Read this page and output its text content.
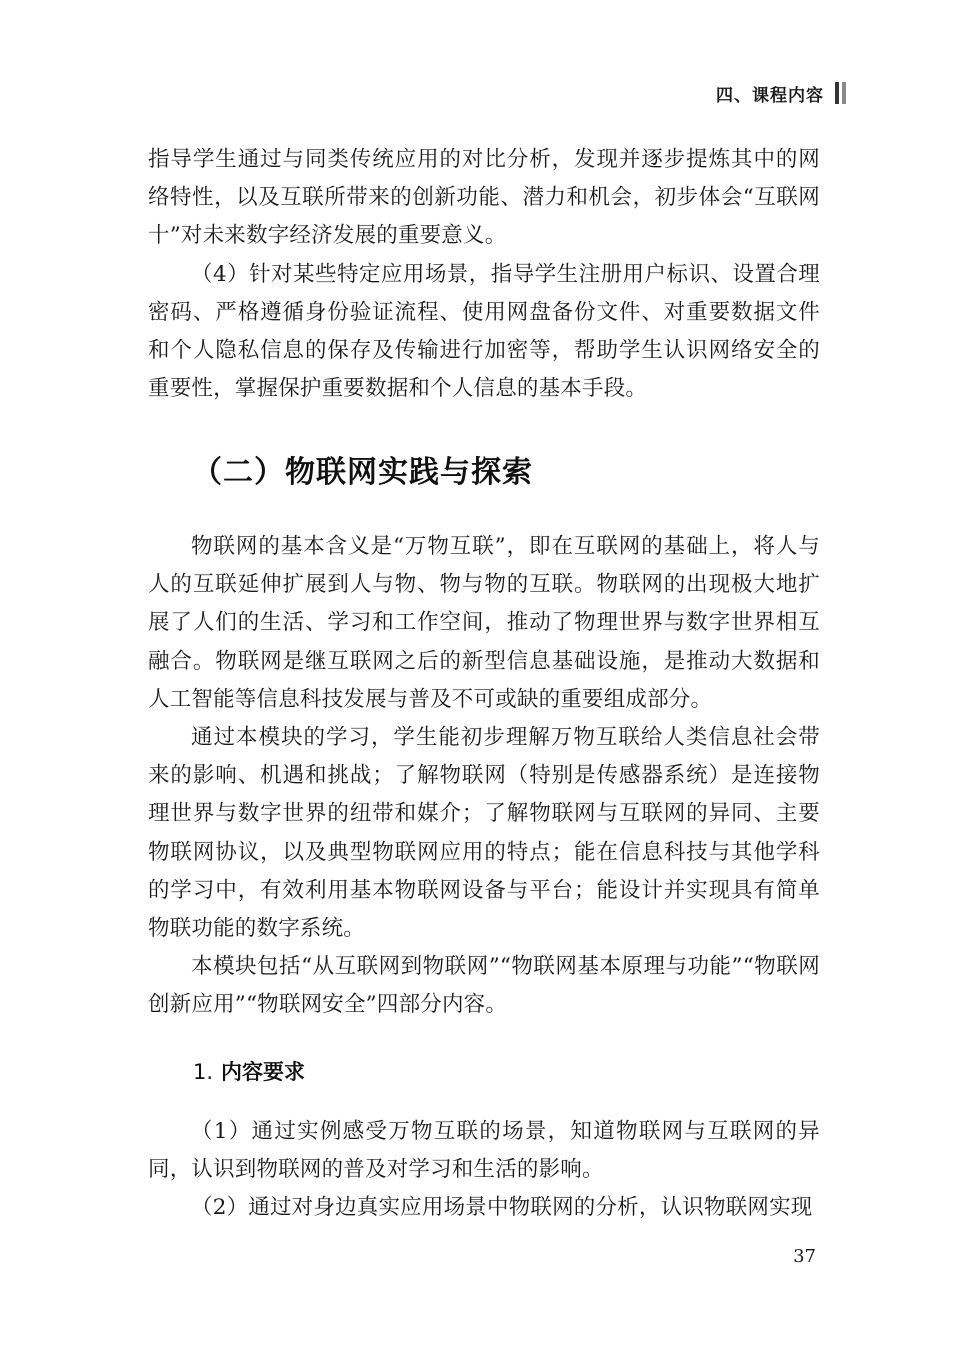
四、课程内容

指导学生通过与同类传统应用的对比分析，发现并逐步提炼其中的网络特性，以及互联所带来的创新功能、潜力和机会，初步体会“互联网十”对未来数字经济发展的重要意义。

（4）针对某些特定应用场景，指导学生注册用户标识、设置合理密码、严格遵循身份验证流程、使用网盘备份文件、对重要数据文件和个人隐私信息的保存及传输进行加密等，帮助学生认识网络安全的重要性，掌握保护重要数据和个人信息的基本手段。

（二）物联网实践与探索

物联网的基本含义是“万物互联”，即在互联网的基础上，将人与人的互联延伸扩展到人与物、物与物的互联。物联网的出现极大地扩展了人们的生活、学习和工作空间，推动了物理世界与数字世界相互融合。物联网是继互联网之后的新型信息基础设施，是推动大数据和人工智能等信息科技发展与普及不可或缺的重要组成部分。

通过本模块的学习，学生能初步理解万物互联给人类信息社会带来的影响、机遇和挑战；了解物联网（特别是传感器系统）是连接物理世界与数字世界的纽带和媒介；了解物联网与互联网的异同、主要物联网协议，以及典型物联网应用的特点；能在信息科技与其他学科的学习中，有效利用基本物联网设备与平台；能设计并实现具有简单物联功能的数字系统。

本模块包括“从互联网到物联网”“物联网基本原理与功能”“物联网创新应用”“物联网安全”四部分内容。

1. 内容要求

（1）通过实例感受万物互联的场景，知道物联网与互联网的异同，认识到物联网的普及对学习和生活的影响。

（2）通过对身边真实应用场景中物联网的分析，认识物联网实现

37
